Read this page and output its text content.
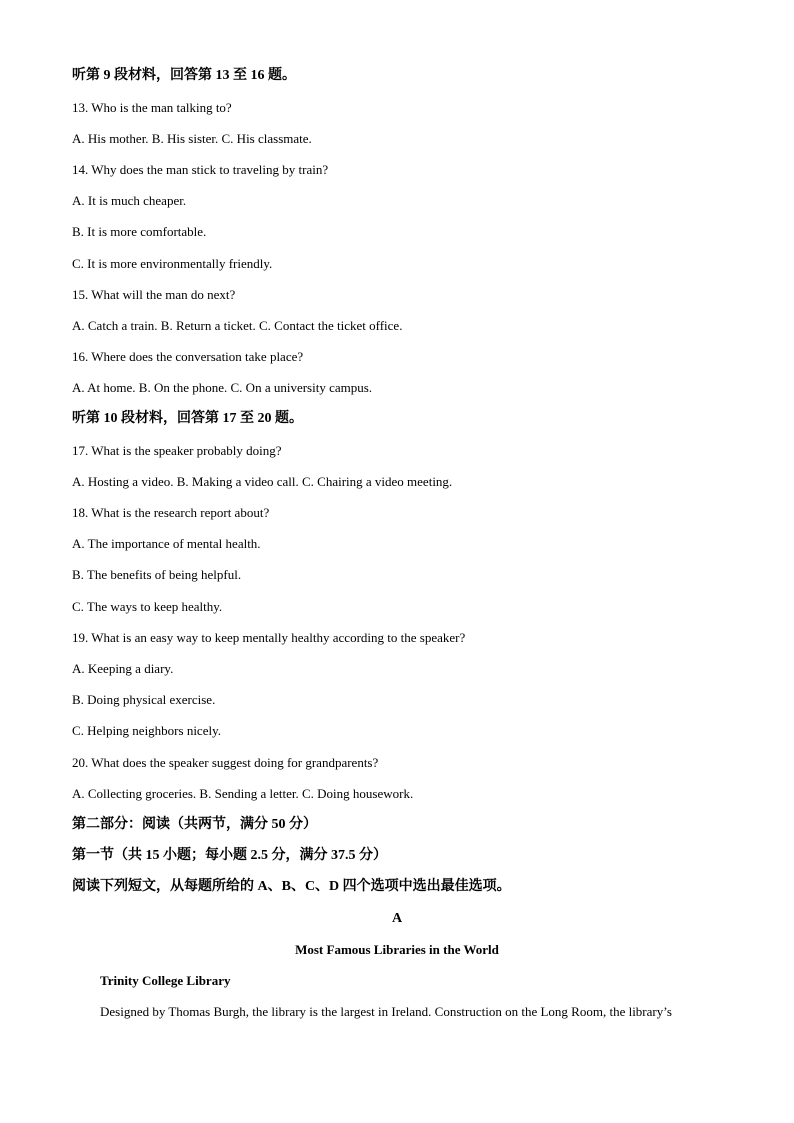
听第 9 段材料，回答第 13 至 16 题。
13. Who is the man talking to?
A. His mother. B. His sister. C. His classmate.
14. Why does the man stick to traveling by train?
A. It is much cheaper.
B. It is more comfortable.
C. It is more environmentally friendly.
15. What will the man do next?
A. Catch a train. B. Return a ticket. C. Contact the ticket office.
16. Where does the conversation take place?
A. At home. B. On the phone. C. On a university campus.
听第 10 段材料，回答第 17 至 20 题。
17. What is the speaker probably doing?
A. Hosting a video. B. Making a video call. C. Chairing a video meeting.
18. What is the research report about?
A. The importance of mental health.
B. The benefits of being helpful.
C. The ways to keep healthy.
19. What is an easy way to keep mentally healthy according to the speaker?
A. Keeping a diary.
B. Doing physical exercise.
C. Helping neighbors nicely.
20. What does the speaker suggest doing for grandparents?
A. Collecting groceries. B. Sending a letter. C. Doing housework.
第二部分：阅读（共两节，满分 50 分）
第一节（共 15 小题；每小题 2.5 分，满分 37.5 分）
阅读下列短文，从每题所给的 A、B、C、D 四个选项中选出最佳选项。
A
Most Famous Libraries in the World
Trinity College Library
Designed by Thomas Burgh, the library is the largest in Ireland. Construction on the Long Room, the library’s
